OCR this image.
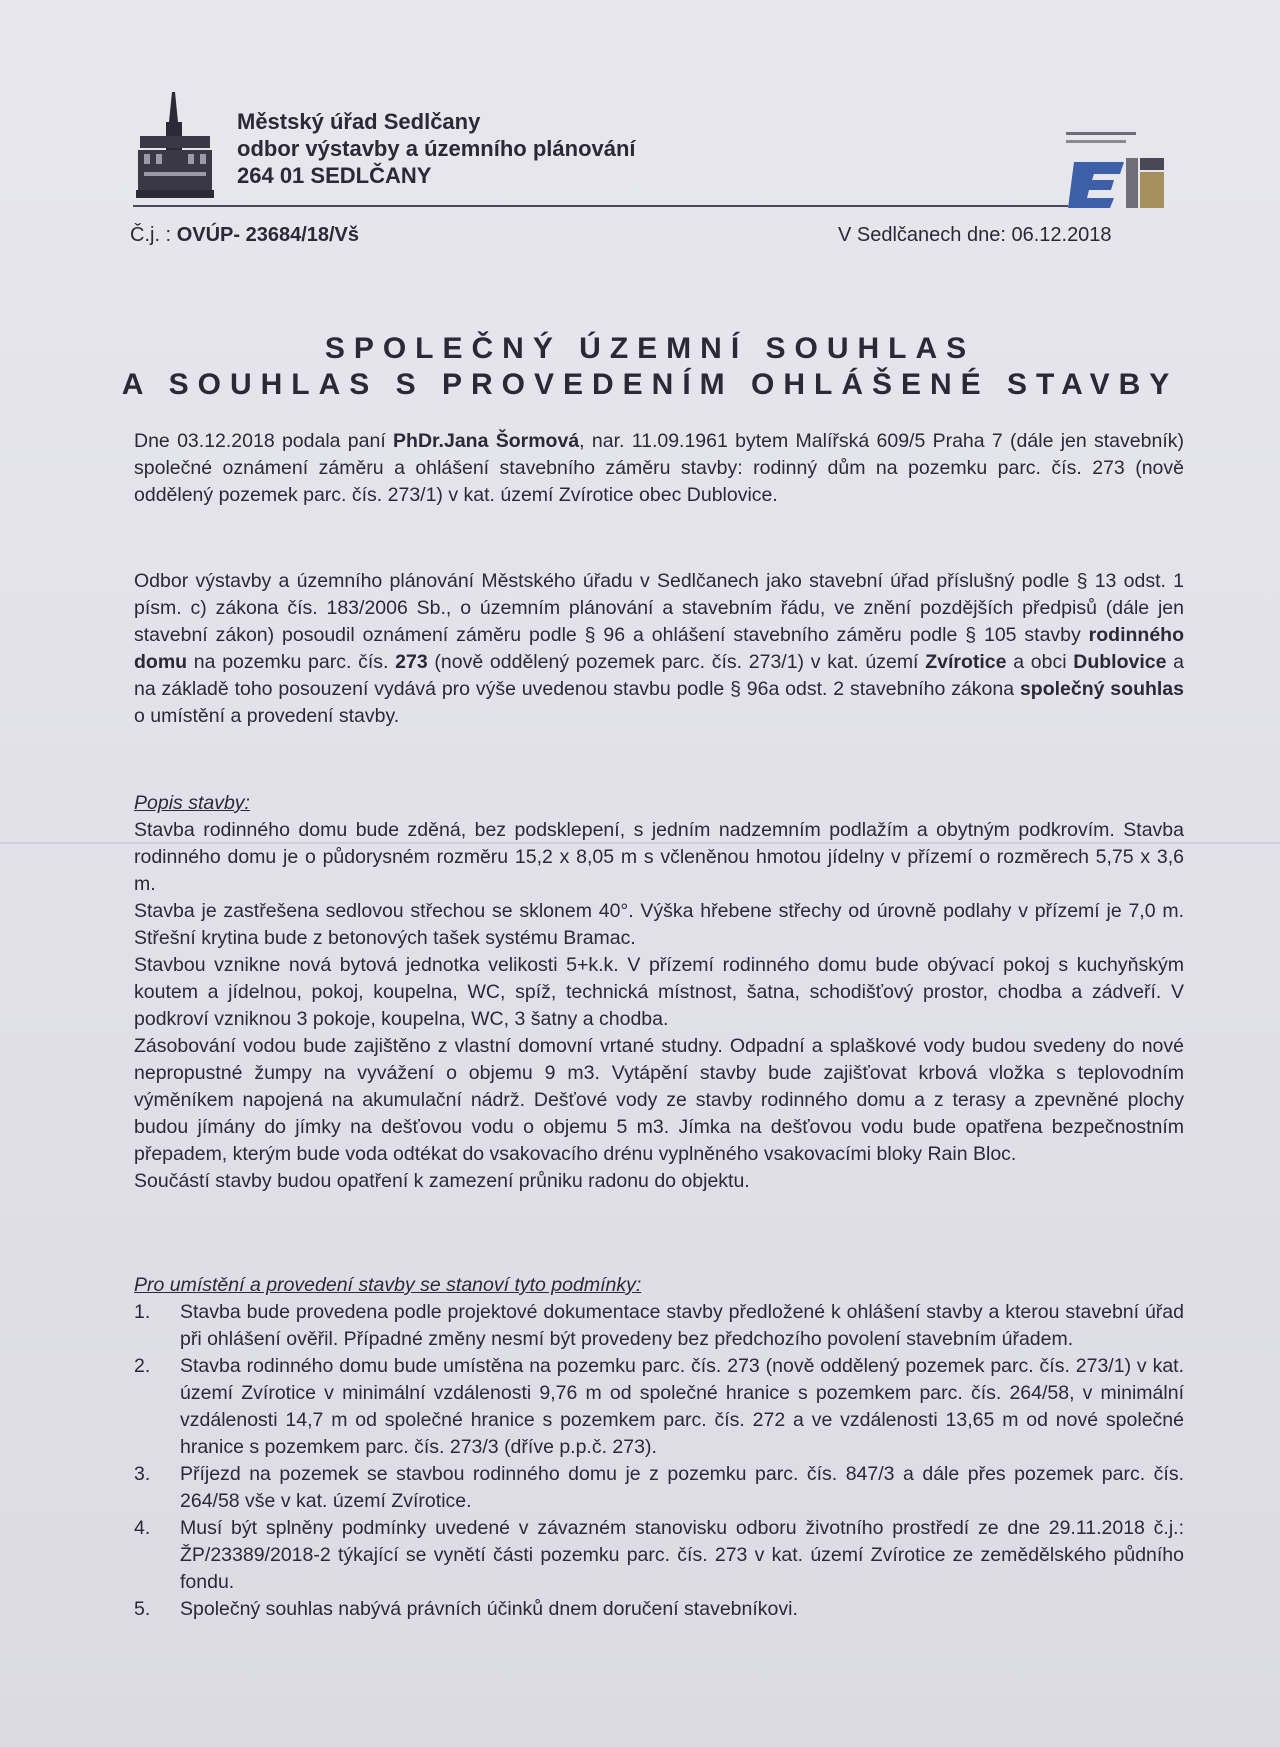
Městský úřad Sedlčany
odbor výstavby a územního plánování
264 01 SEDLČANY
Č.j. : OVÚP- 23684/18/Vš	V Sedlčanech dne: 06.12.2018
SPOLEČNÝ ÚZEMNÍ SOUHLAS
A SOUHLAS S PROVEDENÍM OHLÁŠENÉ STAVBY

Dne 03.12.2018 podala paní PhDr.Jana Šormová, nar. 11.09.1961 bytem Malířská 609/5 Praha 7 (dále jen stavebník) společné oznámení záměru a ohlášení stavebního záměru stavby: rodinný dům na pozemku parc. čís. 273 (nově oddělený pozemek parc. čís. 273/1) v kat. území Zvírotice obec Dublovice.

Odbor výstavby a územního plánování Městského úřadu v Sedlčanech jako stavební úřad příslušný podle § 13 odst. 1 písm. c) zákona čís. 183/2006 Sb., o územním plánování a stavebním řádu, ve znění pozdějších předpisů (dále jen stavební zákon) posoudil oznámení záměru podle § 96 a ohlášení stavebního záměru podle § 105 stavby rodinného domu na pozemku parc. čís. 273 (nově oddělený pozemek parc. čís. 273/1) v kat. území Zvírotice a obci Dublovice a na základě toho posouzení vydává pro výše uvedenou stavbu podle § 96a odst. 2 stavebního zákona společný souhlas o umístění a provedení stavby.

Popis stavby:

Stavba rodinného domu bude zděná, bez podsklepení, s jedním nadzemním podlažím a obytným podkrovím. Stavba rodinného domu je o půdorysném rozměru 15,2 x 8,05 m s včleněnou hmotou jídelny v přízemí o rozměrech 5,75 x 3,6 m.

Stavba je zastřešena sedlovou střechou se sklonem 40°. Výška hřebene střechy od úrovně podlahy v přízemí je 7,0 m. Střešní krytina bude z betonových tašek systému Bramac.

Stavbou vznikne nová bytová jednotka velikosti 5+k.k. V přízemí rodinného domu bude obývací pokoj s kuchyňským koutem a jídelnou, pokoj, koupelna, WC, spíž, technická místnost, šatna, schodišťový prostor, chodba a zádveří. V podkroví vzniknou 3 pokoje, koupelna, WC, 3 šatny a chodba.

Zásobování vodou bude zajištěno z vlastní domovní vrtané studny. Odpadní a splaškové vody budou svedeny do nové nepropustné žumpy na vyvážení o objemu 9 m3. Vytápění stavby bude zajišťovat krbová vložka s teplovodním výměníkem napojená na akumulační nádrž. Dešťové vody ze stavby rodinného domu a z terasy a zpevněné plochy budou jímány do jímky na dešťovou vodu o objemu 5 m3. Jímka na dešťovou vodu bude opatřena bezpečnostním přepadem, kterým bude voda odtékat do vsakovacího drénu vyplněného vsakovacími bloky Rain Bloc.

Součástí stavby budou opatření k zamezení průniku radonu do objektu.

Pro umístění a provedení stavby se stanoví tyto podmínky:

1.	Stavba bude provedena podle projektové dokumentace stavby předložené k ohlášení stavby a kterou stavební úřad při ohlášení ověřil. Případné změny nesmí být provedeny bez předchozího povolení stavebním úřadem.
2.	Stavba rodinného domu bude umístěna na pozemku parc. čís. 273 (nově oddělený pozemek parc. čís. 273/1) v kat. území Zvírotice v minimální vzdálenosti 9,76 m od společné hranice s pozemkem parc. čís. 264/58, v minimální vzdálenosti 14,7 m od společné hranice s pozemkem parc. čís. 272 a ve vzdálenosti 13,65 m od nové společné hranice s pozemkem parc. čís. 273/3 (dříve p.p.č. 273).
3.	Příjezd na pozemek se stavbou rodinného domu je z pozemku parc. čís. 847/3 a dále přes pozemek parc. čís. 264/58 vše v kat. území Zvírotice.
4.	Musí být splněny podmínky uvedené v závazném stanovisku odboru životního prostředí ze dne 29.11.2018 č.j.: ŽP/23389/2018-2 týkající se vynětí části pozemku parc. čís. 273 v kat. území Zvírotice ze zemědělského půdního fondu.
5.	Společný souhlas nabývá právních účinků dnem doručení stavebníkovi.
